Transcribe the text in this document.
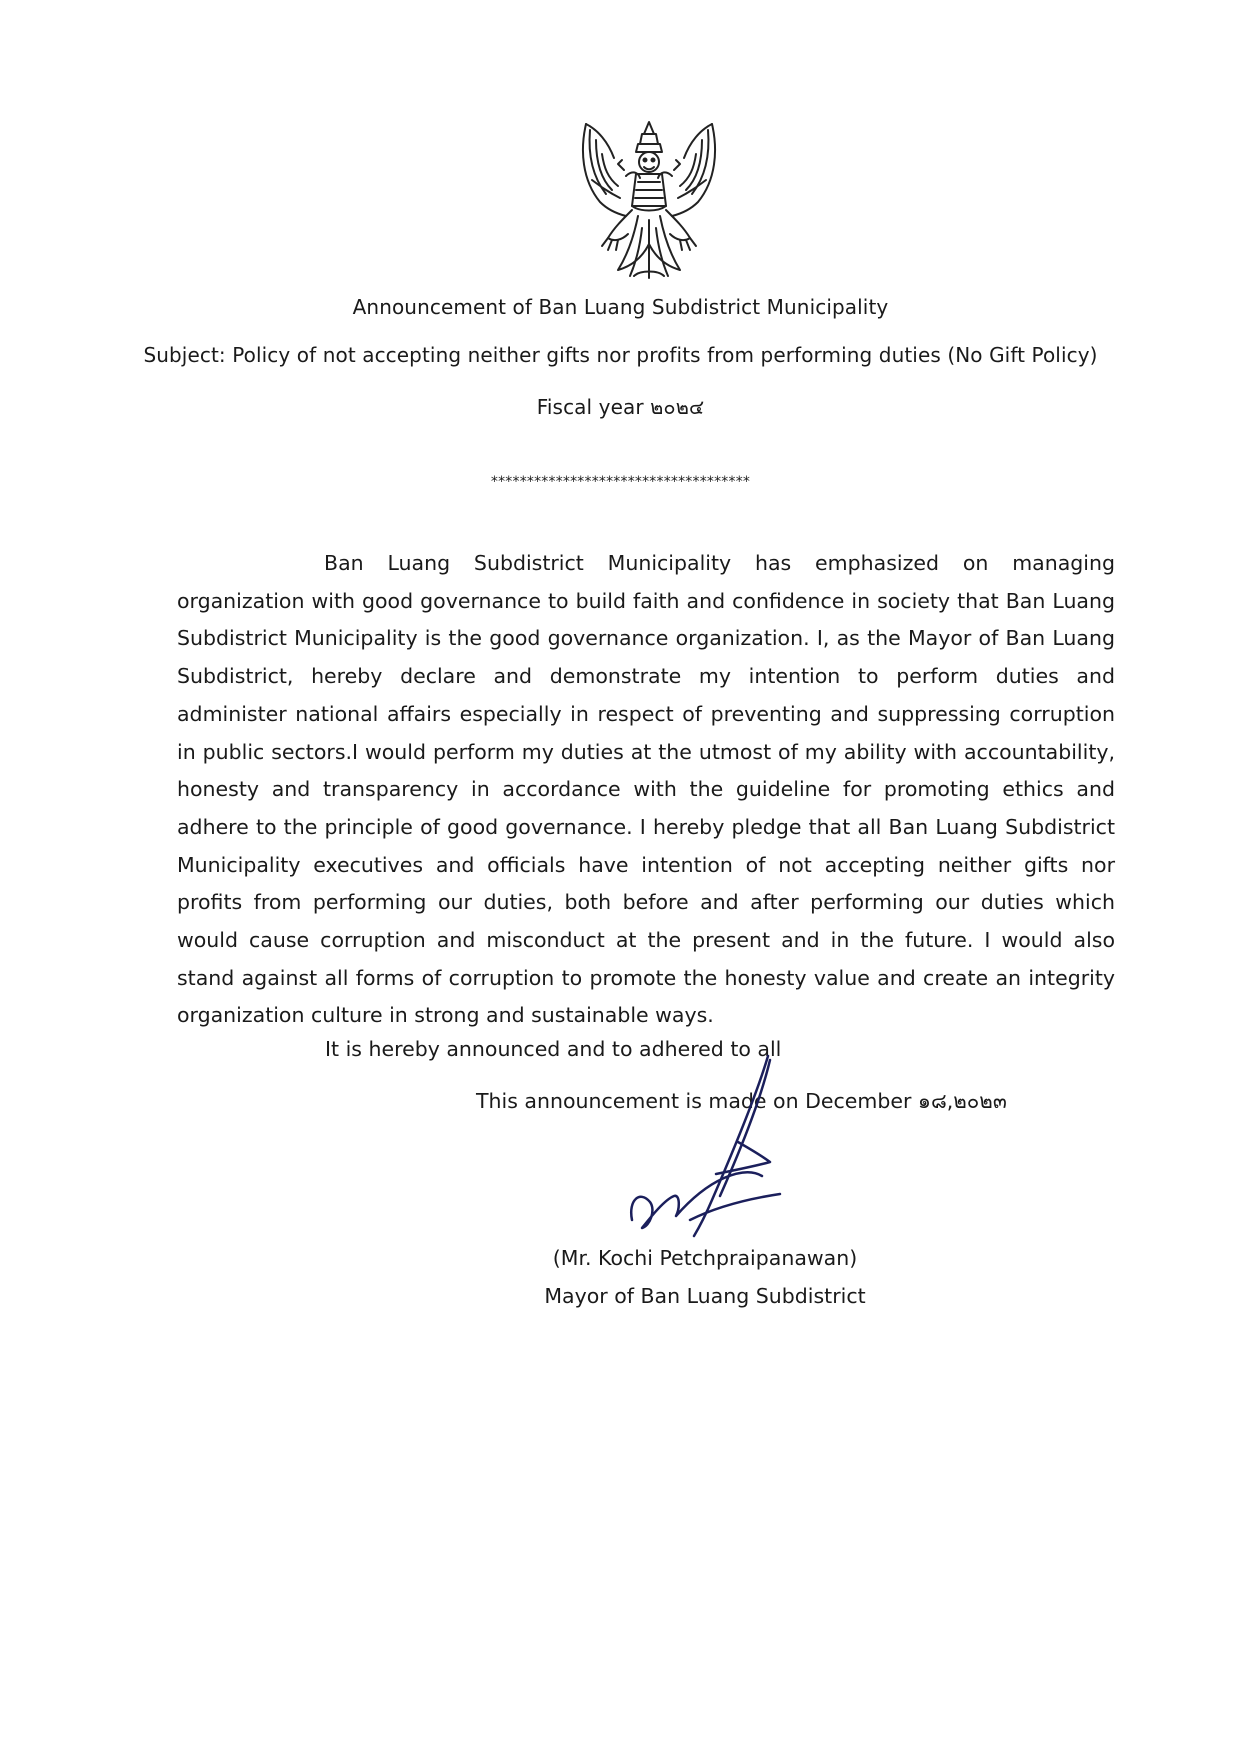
Announcement of Ban Luang Subdistrict Municipality
Subject: Policy of not accepting neither gifts nor profits from performing duties (No Gift Policy)
Fiscal year ๒๐๒๔
************************************

Ban Luang Subdistrict Municipality has emphasized on managing organization with good governance to build faith and confidence in society that Ban Luang Subdistrict Municipality is the good governance organization. I, as the Mayor of Ban Luang Subdistrict, hereby declare and demonstrate my intention to perform duties and administer national affairs especially in respect of preventing and suppressing corruption in public sectors.I would perform my duties at the utmost of my ability with accountability, honesty and transparency in accordance with the guideline for promoting ethics and adhere to the principle of good governance. I hereby pledge that all Ban Luang Subdistrict Municipality executives and officials have intention of not accepting neither gifts nor profits from performing our duties, both before and after performing our duties which would cause corruption and misconduct at the present and in the future. I would also stand against all forms of corruption to promote the honesty value and create an integrity organization culture in strong and sustainable ways.

It is hereby announced and to adhered to all
This announcement is made on December ๑๘,๒๐๒๓
(Mr. Kochi Petchpraipanawan)
Mayor of Ban Luang Subdistrict
